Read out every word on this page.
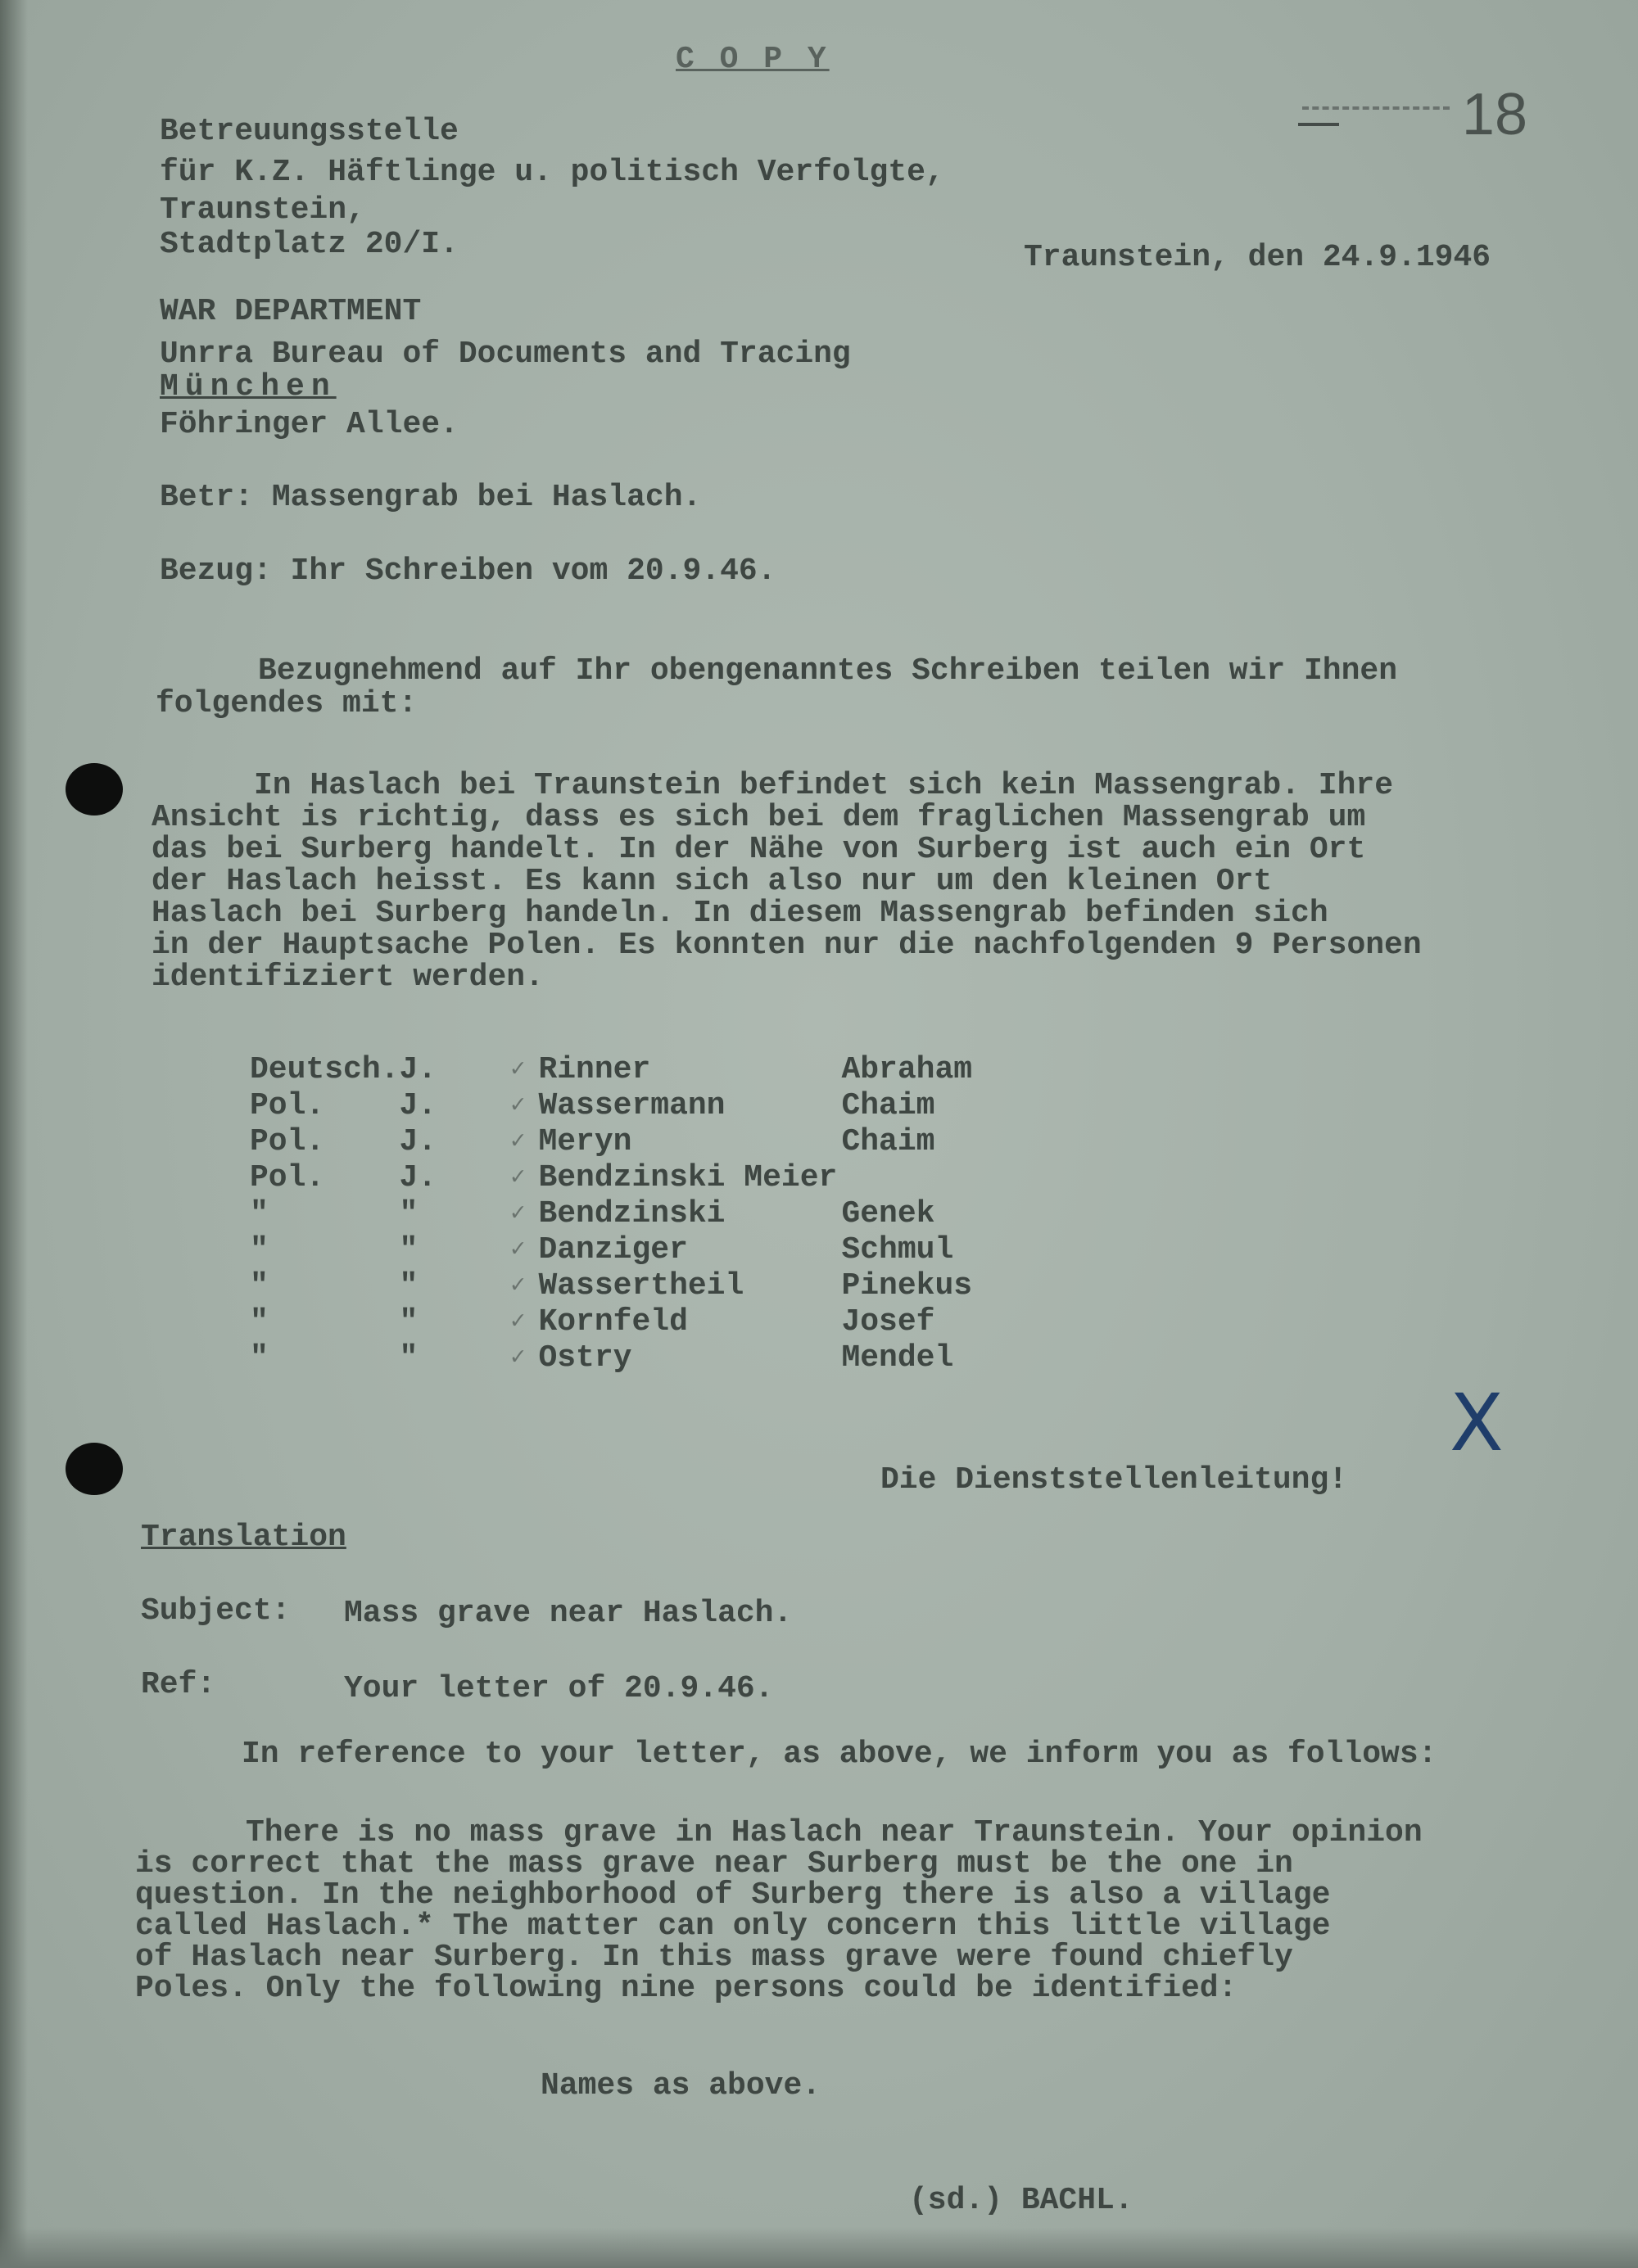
C O P Y
18
Betreuungsstelle
für K.Z. Häftlinge u. politisch Verfolgte,
Traunstein,
Stadtplatz 20/I.	Traunstein, den 24.9.1946
WAR DEPARTMENT
Unrra Bureau of Documents and Tracing
München
Föhringer Allee.
Betr: Massengrab bei Haslach.
Bezug: Ihr Schreiben vom 20.9.46.
Bezugnehmend auf Ihr obengenanntes Schreiben teilen wir Ihnen
folgendes mit:
In Haslach bei Traunstein befindet sich kein Massengrab. Ihre
Ansicht is richtig, dass es sich bei dem fraglichen Massengrab um
das bei Surberg handelt. In der Nähe von Surberg ist auch ein Ort
der Haslach heisst. Es kann sich also nur um den kleinen Ort
Haslach bei Surberg handeln. In diesem Massengrab befinden sich
in der Hauptsache Polen. Es konnten nur die nachfolgenden 9 Personen
identifiziert werden.
Deutsch.	J.	✓	Rinner	Abraham
Pol.	J.	✓	Wassermann	Chaim
Pol.	J.	✓	Meryn	Chaim
Pol.	J.	✓	Bendzinski Meier	
"	"	✓	Bendzinski	Genek
"	"	✓	Danziger	Schmul
"	"	✓	Wassertheil	Pinekus
"	"	✓	Kornfeld	Josef
"	"	✓	Ostry	Mendel
X
Die Dienststellenleitung!
Translation
Subject: Mass grave near Haslach.
Ref:	Your letter of 20.9.46.
In reference to your letter, as above, we inform you as follows:
There is no mass grave in Haslach near Traunstein. Your opinion
is correct that the mass grave near Surberg must be the one in
question. In the neighborhood of Surberg there is also a village
called Haslach.* The matter can only concern this little village
of Haslach near Surberg. In this mass grave were found chiefly
Poles. Only the following nine persons could be identified:
Names as above.
(sd.) BACHL.
